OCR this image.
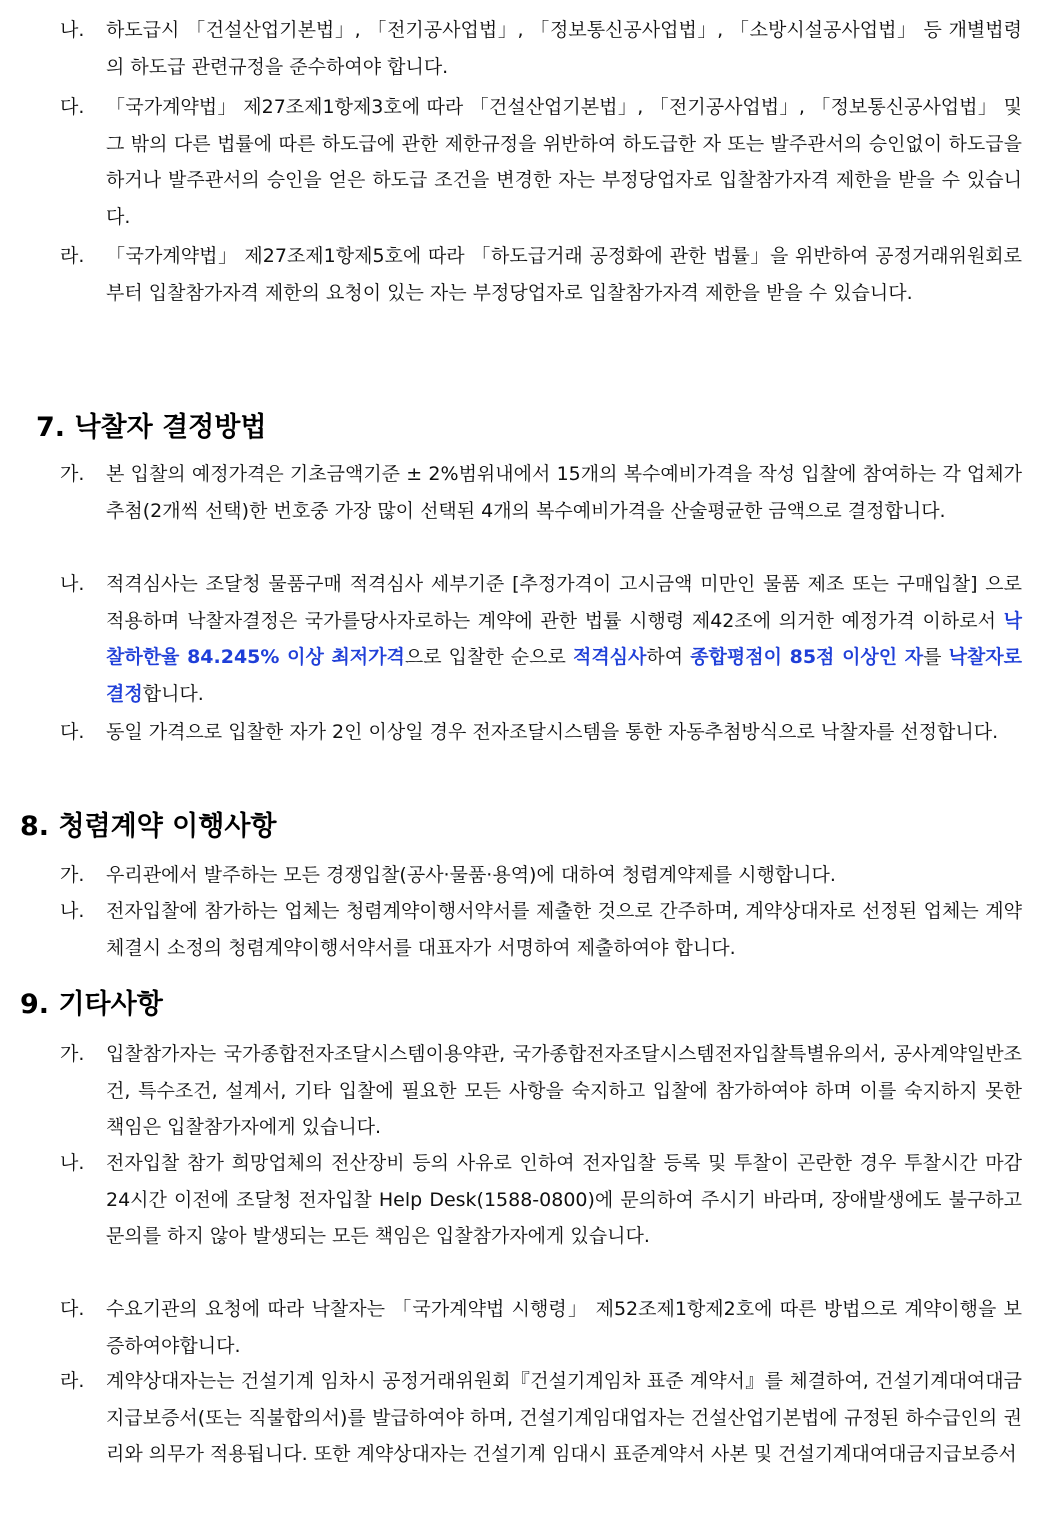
나.	하도급시 「건설산업기본법」, 「전기공사업법」, 「정보통신공사업법」, 「소방시설공사업법」 등 개별법령의 하도급 관련규정을 준수하여야 합니다.
다.	「국가계약법」 제27조제1항제3호에 따라 「건설산업기본법」, 「전기공사업법」, 「정보통신공사업법」 및 그 밖의 다른 법률에 따른 하도급에 관한 제한규정을 위반하여 하도급한 자 또는 발주관서의 승인없이 하도급을 하거나 발주관서의 승인을 얻은 하도급 조건을 변경한 자는 부정당업자로 입찰참가자격 제한을 받을 수 있습니다.
라.	「국가계약법」 제27조제1항제5호에 따라 「하도급거래 공정화에 관한 법률」을 위반하여 공정거래위원회로부터 입찰참가자격 제한의 요청이 있는 자는 부정당업자로 입찰참가자격 제한을 받을 수 있습니다.
7. 낙찰자 결정방법
가.	본 입찰의 예정가격은 기초금액기준 ± 2%범위내에서 15개의 복수예비가격을 작성 입찰에 참여하는 각 업체가 추첨(2개씩 선택)한 번호중 가장 많이 선택된 4개의 복수예비가격을 산술평균한 금액으로 결정합니다.
나.	적격심사는 조달청 물품구매 적격심사 세부기준 [추정가격이 고시금액 미만인 물품 제조 또는 구매입찰] 으로 적용하며 낙찰자결정은 국가를당사자로하는 계약에 관한 법률 시행령 제42조에 의거한 예정가격 이하로서 낙찰하한율 84.245% 이상 최저가격으로 입찰한 순으로 적격심사하여 종합평점이 85점 이상인 자를 낙찰자로 결정합니다.
다.	동일 가격으로 입찰한 자가 2인 이상일 경우 전자조달시스템을 통한 자동추첨방식으로 낙찰자를 선정합니다.
8. 청렴계약 이행사항
가.	우리관에서 발주하는 모든 경쟁입찰(공사·물품·용역)에 대하여 청렴계약제를 시행합니다.
나.	전자입찰에 참가하는 업체는 청렴계약이행서약서를 제출한 것으로 간주하며, 계약상대자로 선정된 업체는 계약체결시 소정의 청렴계약이행서약서를 대표자가 서명하여 제출하여야 합니다.
9. 기타사항
가.	입찰참가자는 국가종합전자조달시스템이용약관, 국가종합전자조달시스템전자입찰특별유의서, 공사계약일반조건, 특수조건, 설계서, 기타 입찰에 필요한 모든 사항을 숙지하고 입찰에 참가하여야 하며 이를 숙지하지 못한 책임은 입찰참가자에게 있습니다.
나.	전자입찰 참가 희망업체의 전산장비 등의 사유로 인하여 전자입찰 등록 및 투찰이 곤란한 경우 투찰시간 마감 24시간 이전에 조달청 전자입찰 Help Desk(1588-0800)에 문의하여 주시기 바라며, 장애발생에도 불구하고 문의를 하지 않아 발생되는 모든 책임은 입찰참가자에게 있습니다.
다.	수요기관의 요청에 따라 낙찰자는 「국가계약법 시행령」 제52조제1항제2호에 따른 방법으로 계약이행을 보증하여야합니다.
라.	계약상대자는는 건설기계 임차시 공정거래위원회『건설기계임차 표준 계약서』를 체결하여, 건설기계대여대금 지급보증서(또는 직불합의서)를 발급하여야 하며, 건설기계임대업자는 건설산업기본법에 규정된 하수급인의 권리와 의무가 적용됩니다. 또한 계약상대자는 건설기계 임대시 표준계약서 사본 및 건설기계대여대금지급보증서
